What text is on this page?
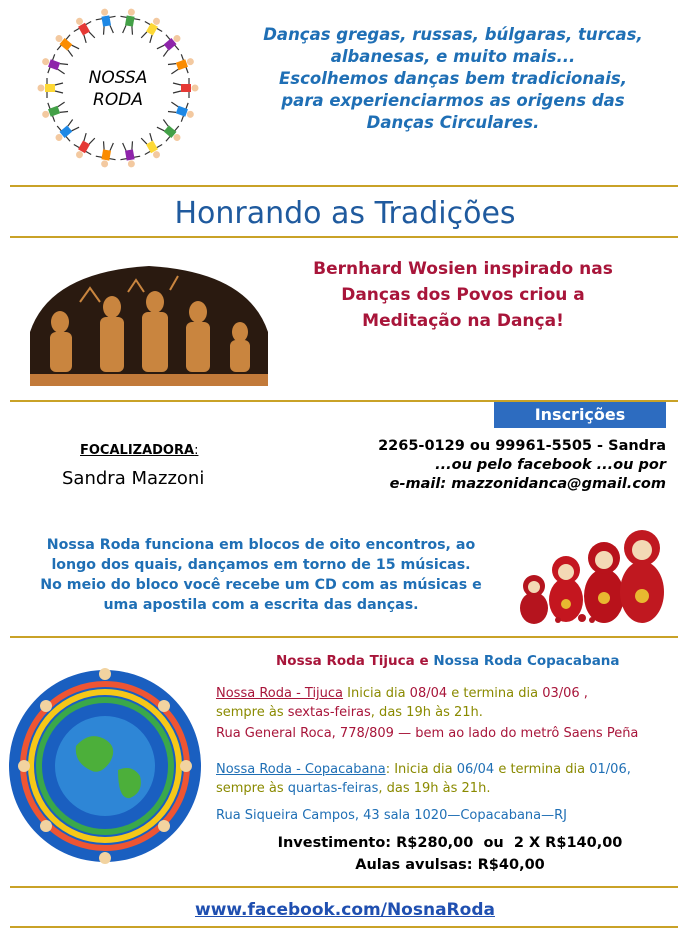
NOSSA
RODA
Danças gregas, russas, búlgaras, turcas,
albanesas, e muito mais...
Escolhemos danças bem tradicionais,
para experienciarmos as origens das
Danças Circulares.
Honrando as Tradições
Bernhard Wosien inspirado nas
Danças dos Povos criou a
Meditação na Dança!
Inscrições
FOCALIZADORA:
Sandra Mazzoni
2265-0129 ou 99961-5505 - Sandra
...ou pelo facebook ...ou por
e-mail: mazzonidanca@gmail.com
Nossa Roda funciona em blocos de oito encontros, ao
longo dos quais, dançamos em torno de 15 músicas.
No meio do bloco você recebe um CD com as músicas e
uma apostila com a escrita das danças.
Nossa Roda Tijuca e Nossa Roda Copacabana
Nossa Roda - Tijuca Inicia dia 08/04 e termina dia 03/06 ,
sempre às sextas-feiras, das 19h às 21h.
Rua General Roca, 778/809 — bem ao lado do metrô Saens Peña
Nossa Roda - Copacabana: Inicia dia 06/04 e termina dia 01/06,
sempre às quartas-feiras, das 19h às 21h.
Rua Siqueira Campos, 43 sala 1020—Copacabana—RJ
Investimento: R$280,00  ou  2 X R$140,00
Aulas avulsas: R$40,00
www.facebook.com/NosnaRoda
